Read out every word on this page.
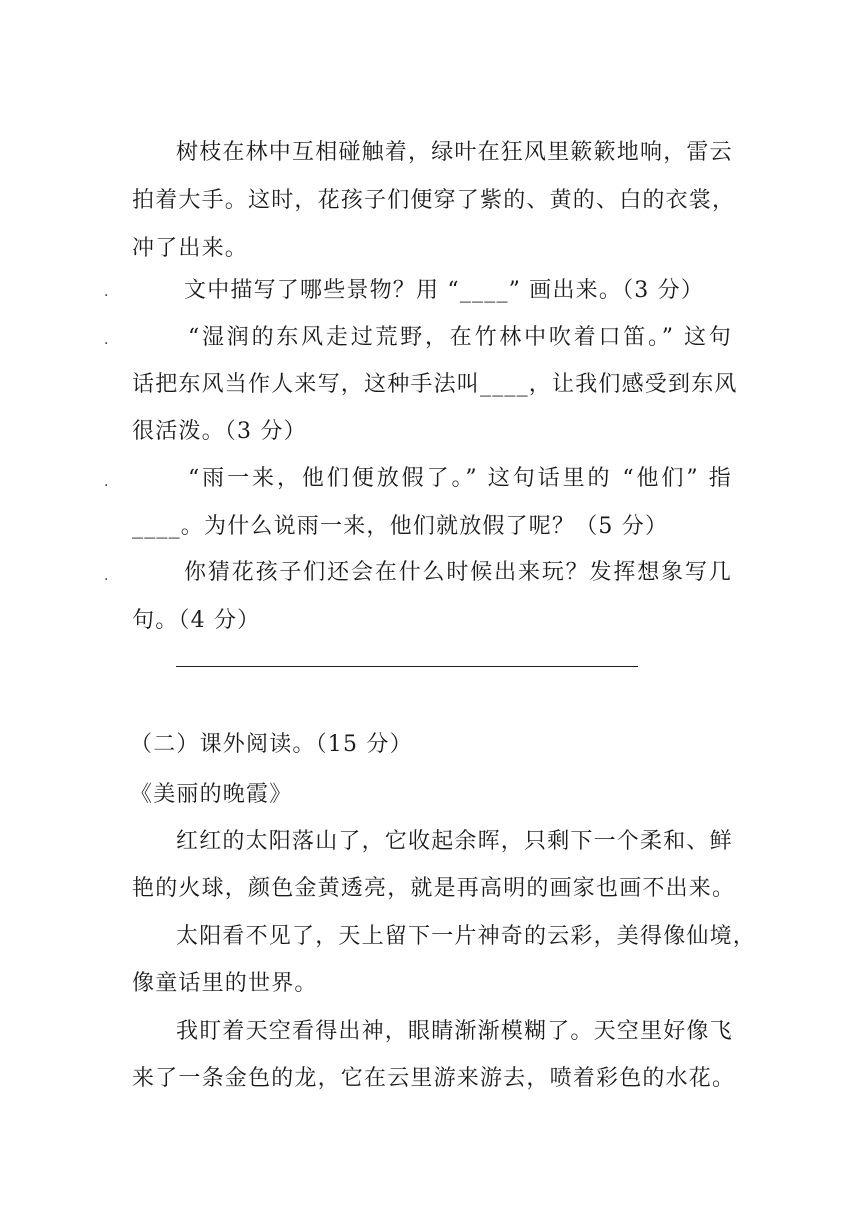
树枝在林中互相碰触着，绿叶在狂风里簌簌地响，雷云
拍着大手。这时，花孩子们便穿了紫的、黄的、白的衣裳，
冲了出来。
.	文中描写了哪些景物？用 “____” 画出来。（3 分）
.	“湿润的东风走过荒野，在竹林中吹着口笛。” 这句
话把东风当作人来写，这种手法叫____，让我们感受到东风
很活泼。（3 分）
.	“雨一来，他们便放假了。” 这句话里的 “他们” 指
____。为什么说雨一来，他们就放假了呢？（5 分）
.	你猜花孩子们还会在什么时候出来玩？发挥想象写几
句。（4 分）
（二）课外阅读。（15 分）
《美丽的晚霞》
红红的太阳落山了，它收起余晖，只剩下一个柔和、鲜
艳的火球，颜色金黄透亮，就是再高明的画家也画不出来。
太阳看不见了，天上留下一片神奇的云彩，美得像仙境，
像童话里的世界。
我盯着天空看得出神，眼睛渐渐模糊了。天空里好像飞
来了一条金色的龙，它在云里游来游去，喷着彩色的水花。
